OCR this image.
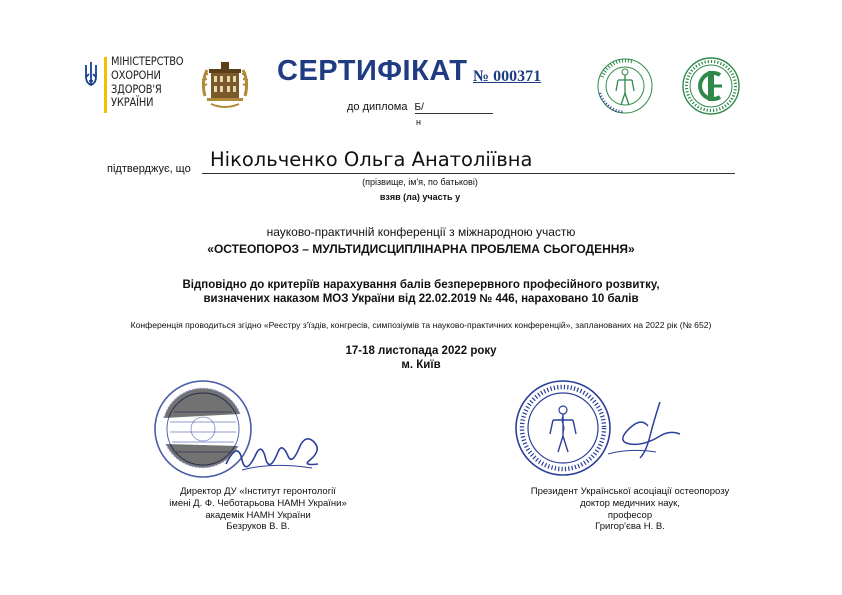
МІНІСТЕРСТВО
ОХОРОНИ
ЗДОРОВ'Я
УКРАЇНИ
СЕРТИФІКАТ № 000371
до диплома Б/
н
підтверджує, що Нікольченко Ольга Анатоліївна
(прізвище, ім'я, по батькові)
взяв (ла) участь у
науково-практичній конференції з міжнародною участю
«ОСТЕОПОРОЗ – МУЛЬТИДИСЦИПЛІНАРНА ПРОБЛЕМА СЬОГОДЕННЯ»
Відповідно до критеріїв нарахування балів безперервного професійного розвитку,
визначених наказом МОЗ України від 22.02.2019 № 446, нараховано 10 балів
Конференція проводиться згідно «Реєстру з'їздів, конгресів, симпозіумів та науково-практичних конференцій», запланованих на 2022 рік (№ 652)
17-18 листопада 2022 року
м. Київ
Директор ДУ «Інститут геронтології
імені Д. Ф. Чеботарьова НАМН України»
академік НАМН України
Безруков В. В.
Президент Української асоціації остеопорозу
доктор медичних наук,
професор
Григор'єва Н. В.
